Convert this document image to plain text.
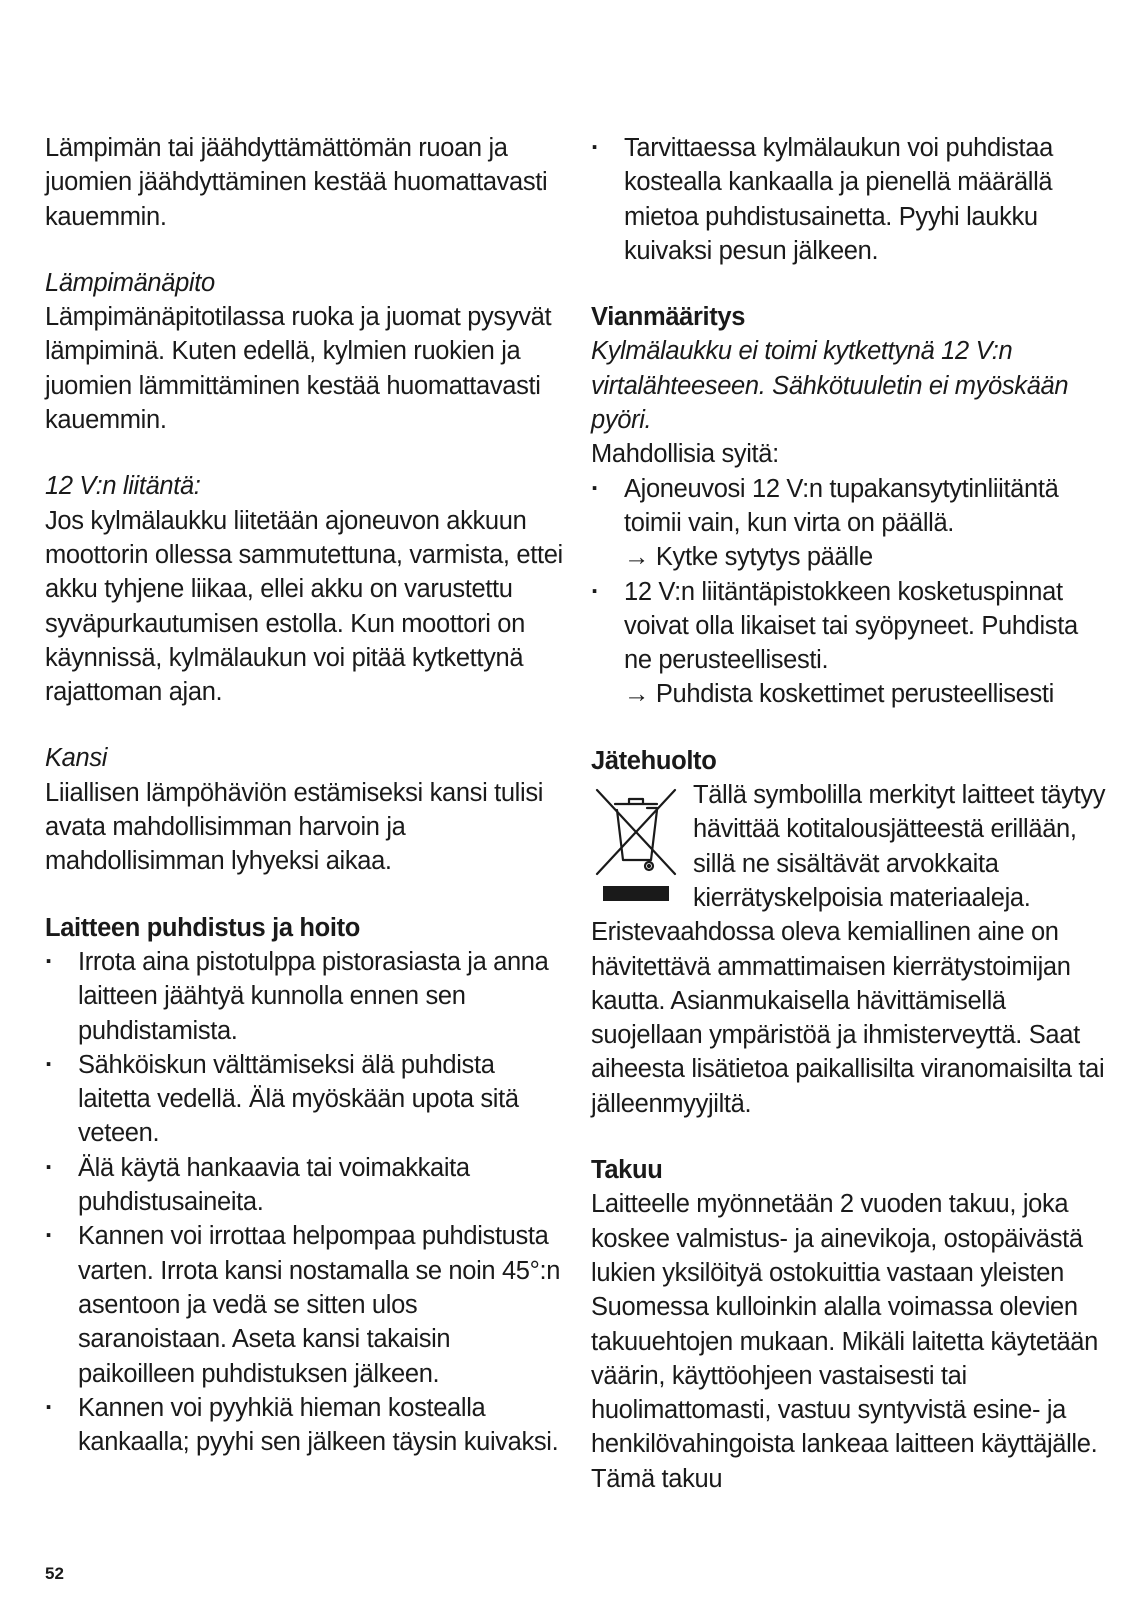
Lämpimän tai jäähdyttämättömän ruoan ja juomien jäähdyttäminen kestää huomattavasti kauemmin.

Lämpimänäpito

Lämpimänäpitotilassa ruoka ja juomat pysyvät lämpiminä. Kuten edellä, kylmien ruokien ja juomien lämmittäminen kestää huomattavasti kauemmin.

12 V:n liitäntä:

Jos kylmälaukku liitetään ajoneuvon akkuun moottorin ollessa sammutettuna, varmista, ettei akku tyhjene liikaa, ellei akku on varustettu syväpurkautumisen estolla. Kun moottori on käynnissä, kylmälaukun voi pitää kytkettynä rajattoman ajan.

Kansi

Liiallisen lämpöhäviön estämiseksi kansi tulisi avata mahdollisimman harvoin ja mahdollisimman lyhyeksi aikaa.

Laitteen puhdistus ja hoito

· Irrota aina pistotulppa pistorasiasta ja anna laitteen jäähtyä kunnolla ennen sen puhdistamista.
· Sähköiskun välttämiseksi älä puhdista laitetta vedellä. Älä myöskään upota sitä veteen.
· Älä käytä hankaavia tai voimakkaita puhdistusaineita.
· Kannen voi irrottaa helpompaa puhdistusta varten. Irrota kansi nostamalla se noin 45°:n asentoon ja vedä se sitten ulos saranoistaan. Aseta kansi takaisin paikoilleen puhdistuksen jälkeen.
· Kannen voi pyyhkiä hieman kostealla kankaalla; pyyhi sen jälkeen täysin kuivaksi.
· Tarvittaessa kylmälaukun voi puhdistaa kostealla kankaalla ja pienellä määrällä mietoa puhdistusainetta. Pyyhi laukku kuivaksi pesun jälkeen.

Vianmääritys

Kylmälaukku ei toimi kytkettynä 12 V:n virtalähteeseen. Sähkötuuletin ei myöskään pyöri.

Mahdollisia syitä:

· Ajoneuvosi 12 V:n tupakansytytinliitäntä toimii vain, kun virta on päällä.
→ Kytke sytytys päälle
· 12 V:n liitäntäpistokkeen kosketuspinnat voivat olla likaiset tai syöpyneet. Puhdista ne perusteellisesti.
→ Puhdista koskettimet perusteellisesti

Jätehuolto

Tällä symbolilla merkityt laitteet täytyy hävittää kotitalousjätteestä erillään, sillä ne sisältävät arvokkaita kierrätyskelpoisia materiaaleja. Eristevaahdossa oleva kemiallinen aine on hävitettävä ammattimaisen kierrätystoimijan kautta. Asianmukaisella hävittämisellä suojellaan ympäristöä ja ihmisterveyttä. Saat aiheesta lisätietoa paikallisilta viranomaisilta tai jälleenmyyjiltä.

Takuu

Laitteelle myönnetään 2 vuoden takuu, joka koskee valmistus- ja ainevikoja, ostopäivästä lukien yksilöityä ostokuittia vastaan yleisten Suomessa kulloinkin alalla voimassa olevien takuuehtojen mukaan. Mikäli laitetta käytetään väärin, käyttöohjeen vastaisesti tai huolimattomasti, vastuu syntyvistä esine- ja henkilövahingoista lankeaa laitteen käyttäjälle. Tämä takuu

52
